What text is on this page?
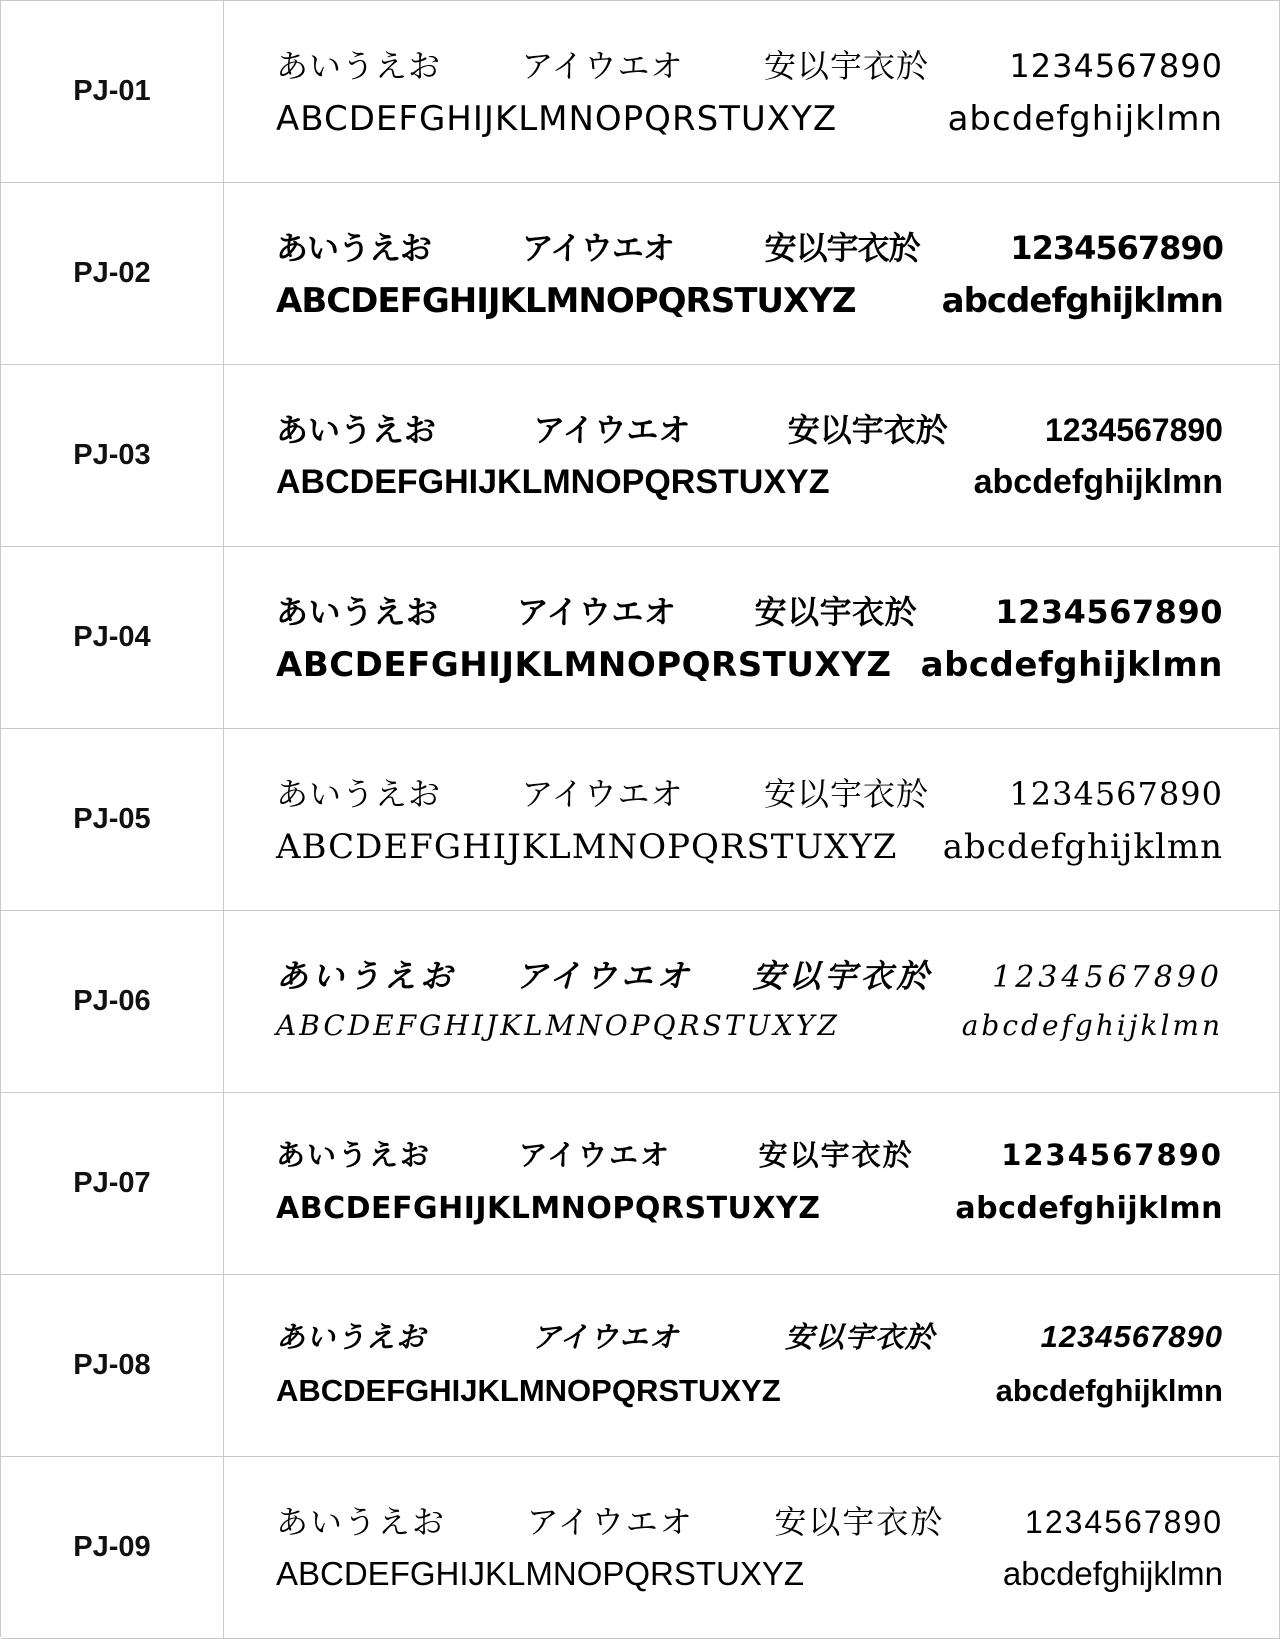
PJ-01
あいうえお	アイウエオ	安以宇衣於	1234567890
ABCDEFGHIJKLMNOPQRSTUXYZ	abcdefghijklmn
PJ-02
あいうえお	アイウエオ	安以宇衣於	1234567890
ABCDEFGHIJKLMNOPQRSTUXYZ	abcdefghijklmn
PJ-03
あいうえお	アイウエオ	安以宇衣於	1234567890
ABCDEFGHIJKLMNOPQRSTUXYZ	abcdefghijklmn
PJ-04
あいうえお アイウエオ 安以宇衣於 1234567890
ABCDEFGHIJKLMNOPQRSTUXYZ abcdefghijklmn
PJ-05
あいうえお	アイウエオ	安以宇衣於	1234567890
ABCDEFGHIJKLMNOPQRSTUXYZ abcdefghijklmn
PJ-06
あいうえお アイウエオ 安以宇衣於 1234567890
ABCDEFGHIJKLMNOPQRSTUXYZ	abcdefghijklmn
PJ-07
あいうえお	アイウエオ	安以宇衣於	1234567890
ABCDEFGHIJKLMNOPQRSTUXYZ	abcdefghijklmn
PJ-08
あいうえお	アイウエオ	安以宇衣於	1234567890
ABCDEFGHIJKLMNOPQRSTUXYZ	abcdefghijklmn
PJ-09
あいうえお	アイウエオ	安以宇衣於	1234567890
ABCDEFGHIJKLMNOPQRSTUXYZ	abcdefghijklmn
